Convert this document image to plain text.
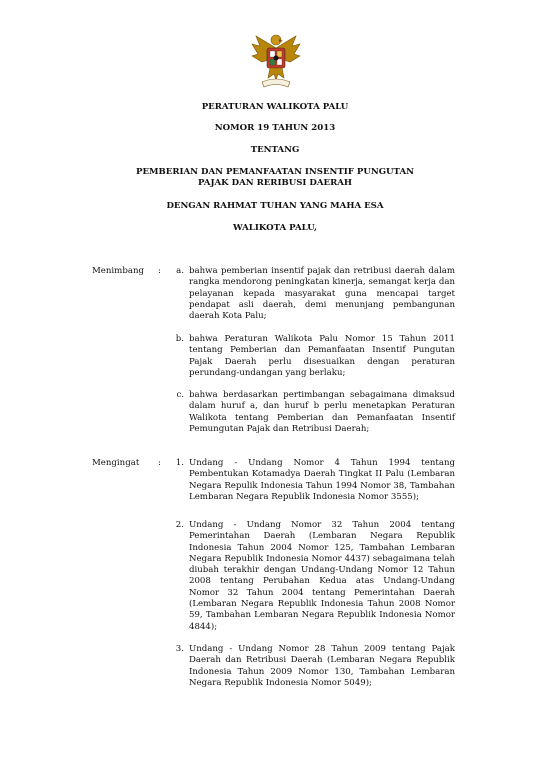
PERATURAN WALIKOTA PALU
NOMOR 19 TAHUN 2013
TENTANG
PEMBERIAN DAN PEMANFAATAN INSENTIF PUNGUTAN
PAJAK DAN RERIBUSI DAERAH
DENGAN RAHMAT TUHAN YANG MAHA ESA
WALIKOTA PALU,
Menimbang :	a. bahwa pemberian insentif pajak dan retribusi daerah dalam rangka mendorong peningkatan kinerja, semangat kerja dan pelayanan kepada masyarakat guna mencapai target pendapat asli daerah, demi menunjang pembangunan daerah Kota Palu;
b. bahwa Peraturan Walikota Palu Nomor 15 Tahun 2011 tentang Pemberian dan Pemanfaatan Insentif Pungutan Pajak Daerah perlu disesuaikan dengan peraturan perundang-undangan yang berlaku;
c. bahwa berdasarkan pertimbangan sebagaimana dimaksud dalam huruf a, dan huruf b perlu menetapkan Peraturan Walikota tentang Pemberian dan Pemanfaatan Insentif Pemungutan Pajak dan Retribusi Daerah;
Mengingat :	1. Undang - Undang Nomor 4 Tahun 1994 tentang Pembentukan Kotamadya Daerah Tingkat II Palu (Lembaran Negara Repulik Indonesia Tahun 1994 Nomor 38, Tambahan Lembaran Negara Republik Indonesia Nomor 3555);
2. Undang - Undang Nomor 32 Tahun 2004 tentang Pemerintahan Daerah (Lembaran Negara Republik Indonesia Tahun 2004 Nomor 125, Tambahan Lembaran Negara Republik Indonesia Nomor 4437) sebagaimana telah diubah terakhir dengan Undang-Undang Nomor 12 Tahun 2008 tentang Perubahan Kedua atas Undang-Undang Nomor 32 Tahun 2004 tentang Pemerintahan Daerah (Lembaran Negara Republik Indonesia Tahun 2008 Nomor 59, Tambahan Lembaran Negara Republik Indonesia Nomor 4844);
3. Undang - Undang Nomor 28 Tahun 2009 tentang Pajak Daerah dan Retribusi Daerah (Lembaran Negara Republik Indonesia Tahun 2009 Nomor 130, Tambahan Lembaran Negara Republik Indonesia Nomor 5049);
